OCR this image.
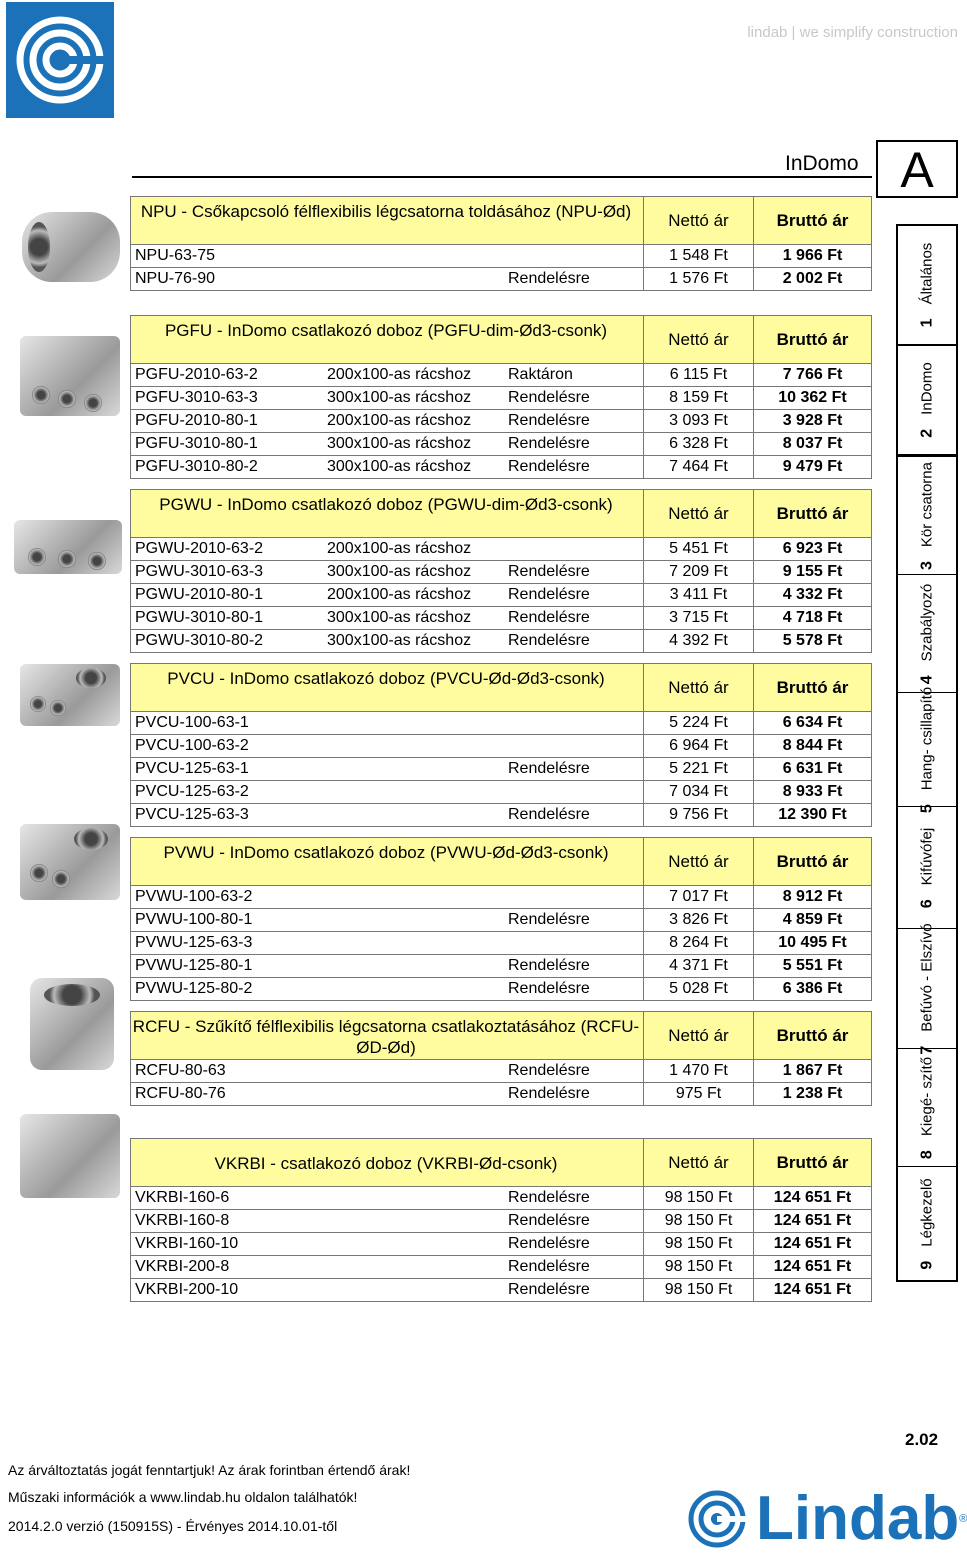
lindab | we simplify construction
InDomo A
NPU - Csőkapcsoló félflexibilis légcsatorna toldásához (NPU-Ød)	Nettó ár	Bruttó ár
NPU-63-75	1 548 Ft	1 966 Ft
NPU-76-90	Rendelésre	1 576 Ft	2 002 Ft
PGFU - InDomo csatlakozó doboz (PGFU-dim-Ød3-csonk)	Nettó ár	Bruttó ár
PGFU-2010-63-2	200x100-as rácshoz Raktáron	6 115 Ft	7 766 Ft
PGFU-3010-63-3	300x100-as rácshoz Rendelésre	8 159 Ft	10 362 Ft
PGFU-2010-80-1	200x100-as rácshoz Rendelésre	3 093 Ft	3 928 Ft
PGFU-3010-80-1	300x100-as rácshoz Rendelésre	6 328 Ft	8 037 Ft
PGFU-3010-80-2	300x100-as rácshoz Rendelésre	7 464 Ft	9 479 Ft
PGWU - InDomo csatlakozó doboz (PGWU-dim-Ød3-csonk)	Nettó ár	Bruttó ár
PGWU-2010-63-2	200x100-as rácshoz	5 451 Ft	6 923 Ft
PGWU-3010-63-3	300x100-as rácshoz Rendelésre	7 209 Ft	9 155 Ft
PGWU-2010-80-1	200x100-as rácshoz Rendelésre	3 411 Ft	4 332 Ft
PGWU-3010-80-1	300x100-as rácshoz Rendelésre	3 715 Ft	4 718 Ft
PGWU-3010-80-2	300x100-as rácshoz Rendelésre	4 392 Ft	5 578 Ft
PVCU - InDomo csatlakozó doboz (PVCU-Ød-Ød3-csonk)	Nettó ár	Bruttó ár
PVCU-100-63-1	5 224 Ft	6 634 Ft
PVCU-100-63-2	6 964 Ft	8 844 Ft
PVCU-125-63-1	Rendelésre	5 221 Ft	6 631 Ft
PVCU-125-63-2	7 034 Ft	8 933 Ft
PVCU-125-63-3	Rendelésre	9 756 Ft	12 390 Ft
PVWU - InDomo csatlakozó doboz (PVWU-Ød-Ød3-csonk)	Nettó ár	Bruttó ár
PVWU-100-63-2	7 017 Ft	8 912 Ft
PVWU-100-80-1	Rendelésre	3 826 Ft	4 859 Ft
PVWU-125-63-3	8 264 Ft	10 495 Ft
PVWU-125-80-1	Rendelésre	4 371 Ft	5 551 Ft
PVWU-125-80-2	Rendelésre	5 028 Ft	6 386 Ft
RCFU - Szűkítő félflexibilis légcsatorna csatlakoztatásához (RCFU-ØD-Ød)
Nettó ár	Bruttó ár
RCFU-80-63	Rendelésre	1 470 Ft	1 867 Ft
RCFU-80-76	Rendelésre	975 Ft	1 238 Ft
VKRBI - csatlakozó doboz (VKRBI-Ød-csonk)	Nettó ár	Bruttó ár
VKRBI-160-6	Rendelésre	98 150 Ft	124 651 Ft
VKRBI-160-8	Rendelésre	98 150 Ft	124 651 Ft
VKRBI-160-10	Rendelésre	98 150 Ft	124 651 Ft
VKRBI-200-8	Rendelésre	98 150 Ft	124 651 Ft
VKRBI-200-10	Rendelésre	98 150 Ft	124 651 Ft
1Általános
2InDomo
3Kör csatorna
4Szabályozó
5Hang- csillapító
6Kifúvófej
7Befúvó - Elszívó
8Kiegé- szítő
9Légkezelő
2.02
Az árváltoztatás jogát fenntartjuk! Az árak forintban értendő árak!
Műszaki információk a www.lindab.hu oldalon találhatók!
2014.2.0 verzió (150915S) - Érvényes 2014.10.01-től	Lindab®
